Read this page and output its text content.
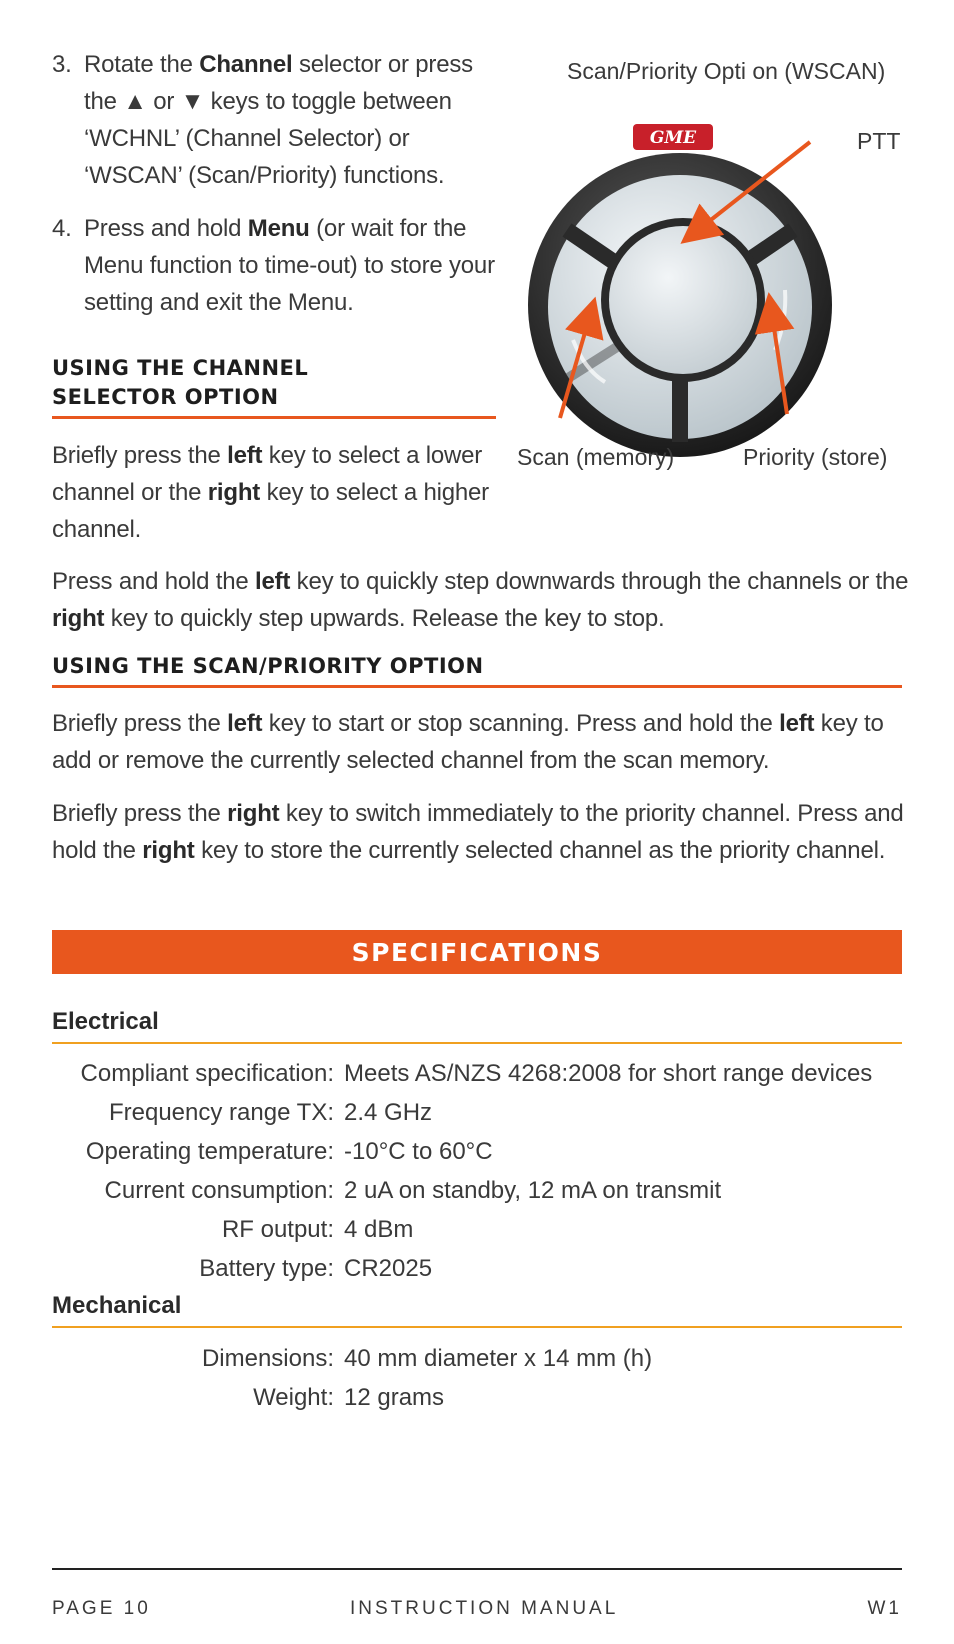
3. Rotate the Channel selector or press the ▲ or ▼ keys to toggle between ‘WCHNL’ (Channel Selector) or ‘WSCAN’ (Scan/Priority) functions.
4. Press and hold Menu (or wait for the Menu function to time-out) to store your setting and exit the Menu.
USING THE CHANNEL
SELECTOR OPTION

Briefly press the left key to select a lower channel or the right key to select a higher channel.

Press and hold the left key to quickly step downwards through the channels or the right key to quickly step upwards. Release the key to stop.

USING THE SCAN/PRIORITY OPTION

Briefly press the left key to start or stop scanning. Press and hold the left key to add or remove the currently selected channel from the scan memory.

Briefly press the right key to switch immediately to the priority channel. Press and hold the right key to store the currently selected channel as the priority channel.

GME
Scan/Priority Opti on (WSCAN)
PTT
Scan (memory)	Priority (store)
SPECIFICATIONS
Electrical
Compliant specification: Meets AS/NZS 4268:2008 for short range devices
Frequency range TX: 2.4 GHz
Operating temperature: -10°C to 60°C
Current consumption: 2 uA on standby, 12 mA on transmit
RF output: 4 dBm
Battery type: CR2025
Mechanical
Dimensions: 40 mm diameter x 14 mm (h)
Weight: 12 grams
PAGE 10	INSTRUCTION MANUAL	W1
